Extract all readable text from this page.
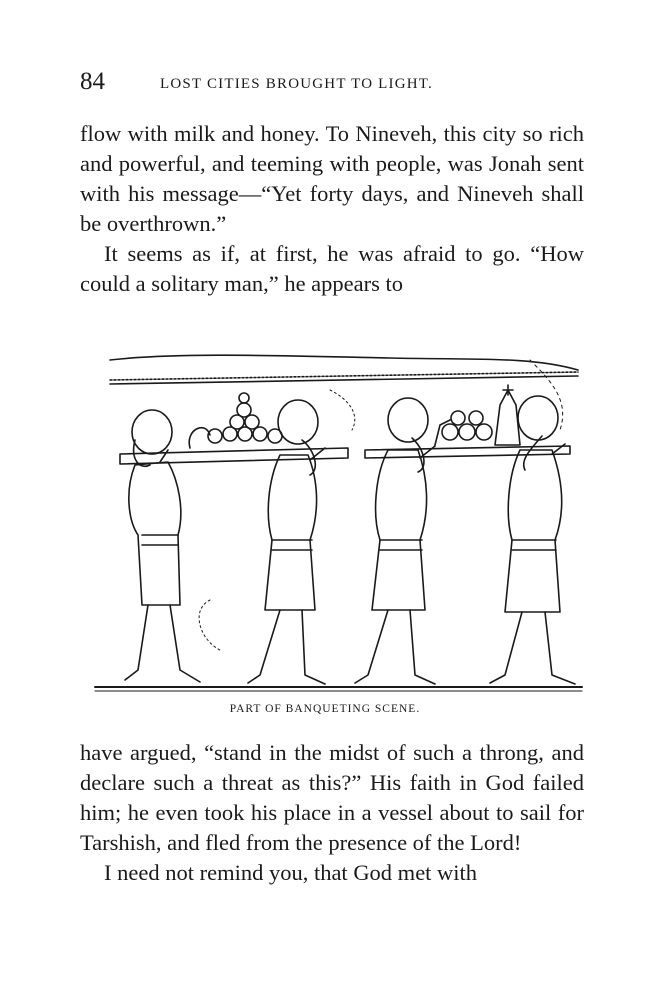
84	LOST CITIES BROUGHT TO LIGHT.

flow with milk and honey. To Nineveh, this city so rich and powerful, and teeming with people, was Jonah sent with his message—“Yet forty days, and Nineveh shall be overthrown.”

It seems as if, at first, he was afraid to go. “How could a solitary man,” he appears to

PART OF BANQUETING SCENE.

have argued, “stand in the midst of such a throng, and declare such a threat as this?” His faith in God failed him; he even took his place in a vessel about to sail for Tarshish, and fled from the presence of the Lord!

I need not remind you, that God met with
